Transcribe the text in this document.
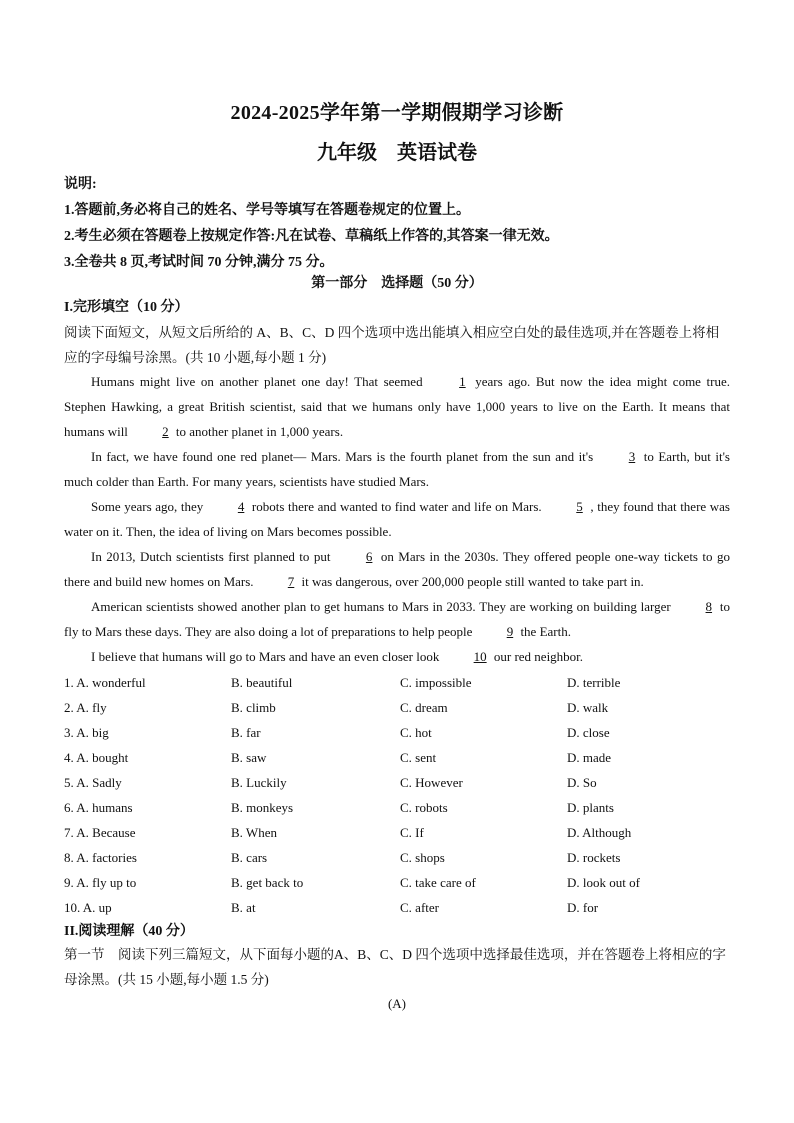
2024-2025学年第一学期假期学习诊断
九年级　英语试卷
说明:
1.答题前,务必将自己的姓名、学号等填写在答题卷规定的位置上。
2.考生必须在答题卷上按规定作答:凡在试卷、草稿纸上作答的,其答案一律无效。
3.全卷共 8 页,考试时间 70 分钟,满分 75 分。
第一部分　选择题（50 分）
I.完形填空（10 分）
阅读下面短文，从短文后所给的 A、B、C、D 四个选项中选出能填入相应空白处的最佳选项,并在答题卷上将相应的字母编号涂黑。(共 10 小题,每小题 1 分)

Humans might live on another planet one day! That seemed 1 years ago. But now the idea might come true. Stephen Hawking, a great British scientist, said that we humans only have 1,000 years to live on the Earth. It means that humans will 2 to another planet in 1,000 years.

In fact, we have found one red planet— Mars. Mars is the fourth planet from the sun and it's 3 to Earth, but it's much colder than Earth. For many years, scientists have studied Mars.

Some years ago, they 4 robots there and wanted to find water and life on Mars. 5 , they found that there was water on it. Then, the idea of living on Mars becomes possible.

In 2013, Dutch scientists first planned to put 6 on Mars in the 2030s. They offered people one-way tickets to go there and build new homes on Mars. 7 it was dangerous, over 200,000 people still wanted to take part in.

American scientists showed another plan to get humans to Mars in 2033. They are working on building larger 8 to fly to Mars these days. They are also doing a lot of preparations to help people 9 the Earth.

I believe that humans will go to Mars and have an even closer look 10 our red neighbor.

1. A. wonderful	B. beautiful	C. impossible	D. terrible
2. A. fly	B. climb	C. dream	D. walk
3. A. big	B. far	C. hot	D. close
4. A. bought	B. saw	C. sent	D. made
5. A. Sadly	B. Luckily	C. However	D. So
6. A. humans	B. monkeys	C. robots	D. plants
7. A. Because	B. When	C. If	D. Although
8. A. factories	B. cars	C. shops	D. rockets
9. A. fly up to	B. get back to	C. take care of	D. look out of
10. A. up	B. at	C. after	D. for
II.阅读理解（40 分）
第一节　阅读下列三篇短文，从下面每小题的A、B、C、D 四个选项中选择最佳选项，并在答题卷上将相应的字母涂黑。(共 15 小题,每小题 1.5 分)
(A)
